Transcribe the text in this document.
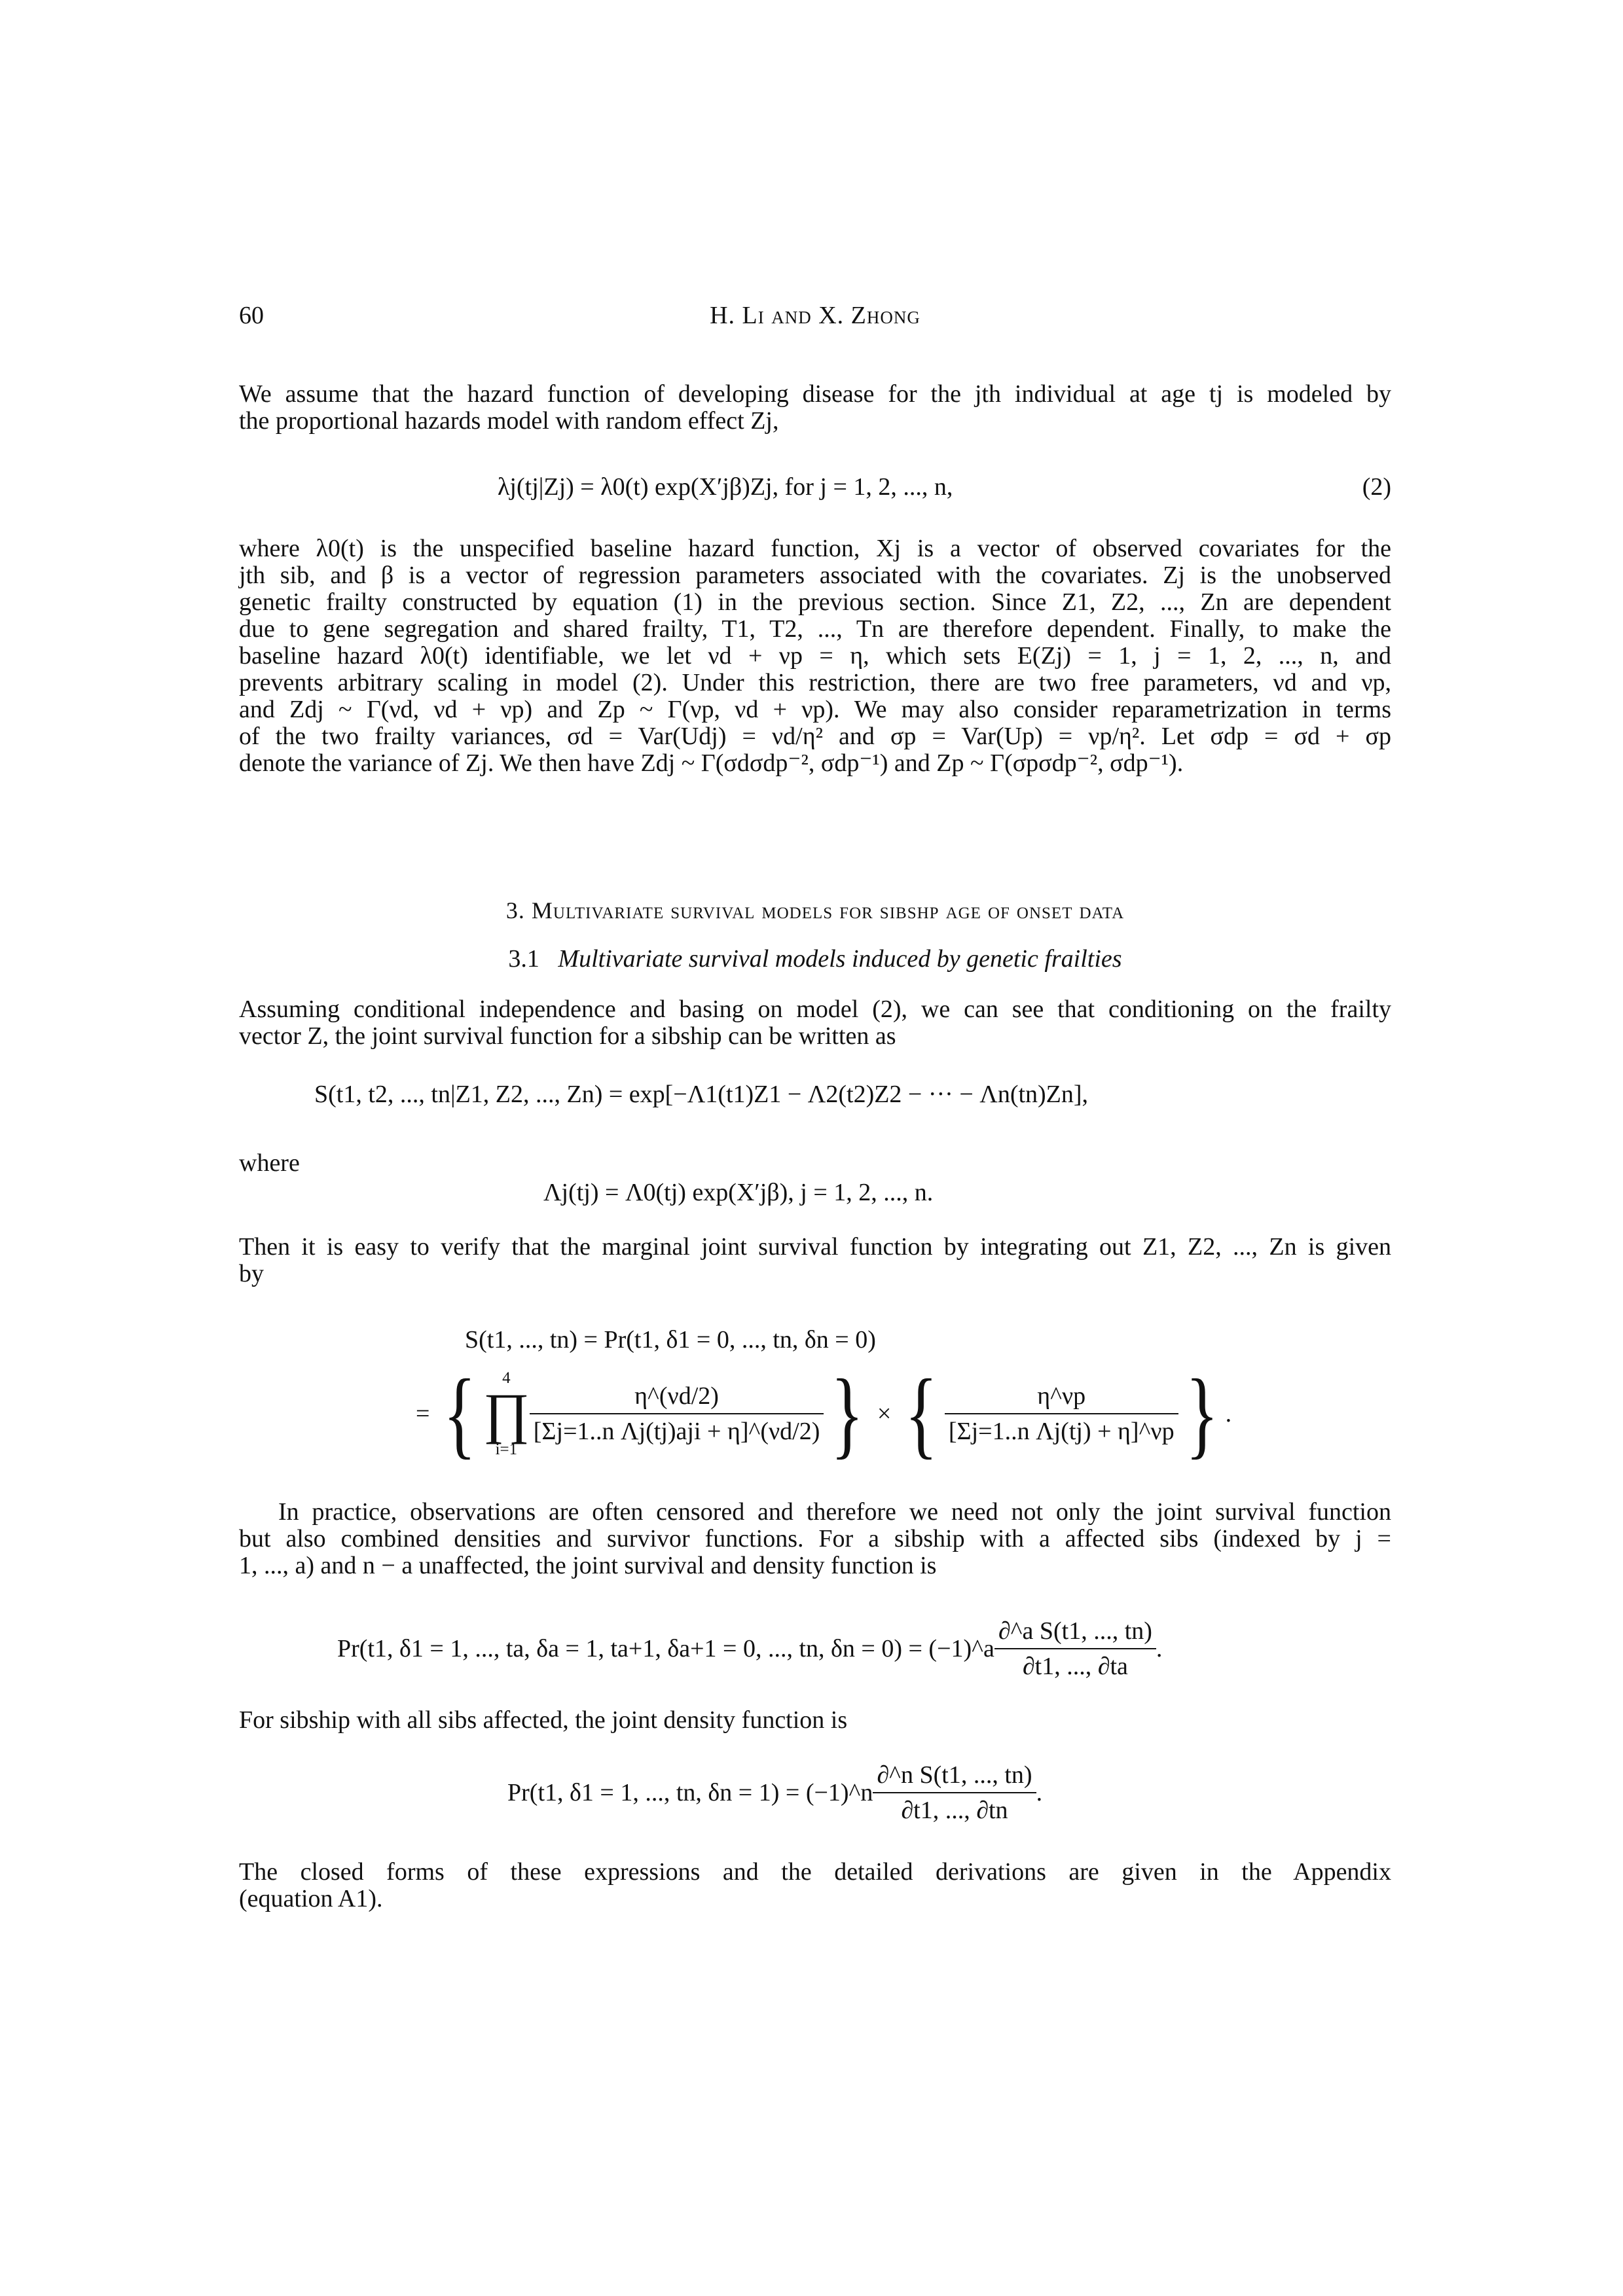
60	H. Li and X. Zhong
We assume that the hazard function of developing disease for the jth individual at age tj is modeled by
the proportional hazards model with random effect Zj,
λj(tj|Zj) = λ0(t) exp(X′jβ)Zj, for j = 1, 2, ..., n,	(2)
where λ0(t) is the unspecified baseline hazard function, Xj is a vector of observed covariates for the
jth sib, and β is a vector of regression parameters associated with the covariates. Zj is the unobserved
genetic frailty constructed by equation (1) in the previous section. Since Z1, Z2, ..., Zn are dependent
due to gene segregation and shared frailty, T1, T2, ..., Tn are therefore dependent. Finally, to make the
baseline hazard λ0(t) identifiable, we let νd + νp = η, which sets E(Zj) = 1, j = 1, 2, ..., n, and
prevents arbitrary scaling in model (2). Under this restriction, there are two free parameters, νd and νp,
and Zdj ~ Γ(νd, νd + νp) and Zp ~ Γ(νp, νd + νp). We may also consider reparametrization in terms
of the two frailty variances, σd = Var(Udj) = νd/η² and σp = Var(Up) = νp/η². Let σdp = σd + σp
denote the variance of Zj. We then have Zdj ~ Γ(σdσdp⁻², σdp⁻¹) and Zp ~ Γ(σpσdp⁻², σdp⁻¹).
3. Multivariate survival models for sibshp age of onset data
3.1 Multivariate survival models induced by genetic frailties
Assuming conditional independence and basing on model (2), we can see that conditioning on the frailty
vector Z, the joint survival function for a sibship can be written as
S(t1, t2, ..., tn|Z1, Z2, ..., Zn) = exp[−Λ1(t1)Z1 − Λ2(t2)Z2 − ··· − Λn(tn)Zn],
where
Λj(tj) = Λ0(tj) exp(X′jβ), j = 1, 2, ..., n.
Then it is easy to verify that the marginal joint survival function by integrating out Z1, Z2, ..., Zn is given
by
S(t1, ..., tn) = Pr(t1, δ1 = 0, ..., tn, δn = 0)
= {	4
∏
i=1
$\frac{\eta\^{}(\nu d/2)}{\text{[Σj=1..n Λj(tj)aji + η]\textasciicircum{}(νd/2)}}$ } × { $\frac{\eta\^{}\nu p}{\text{[Σj=1..n Λj(tj) + η]\textasciicircum{}νp}}$ } .
In practice, observations are often censored and therefore we need not only the joint survival function
but also combined densities and survivor functions. For a sibship with a affected sibs (indexed by j =
1, ..., a) and n − a unaffected, the joint survival and density function is
Pr(t1, δ1 = 1, ..., ta, δa = 1, ta+1, δa+1 = 0, ..., tn, δn = 0) = (−1)^a $\frac{\text{∂\textasciicircum{}a S(t1, ..., tn)}}{\partial t1, ..., \partial ta}$ .
For sibship with all sibs affected, the joint density function is
Pr(t1, δ1 = 1, ..., tn, δn = 1) = (−1)^n $\frac{\text{∂\textasciicircum{}n S(t1, ..., tn)}}{\partial t1, ..., \partial tn}$ .
The closed forms of these expressions and the detailed derivations are given in the Appendix
(equation A1).
